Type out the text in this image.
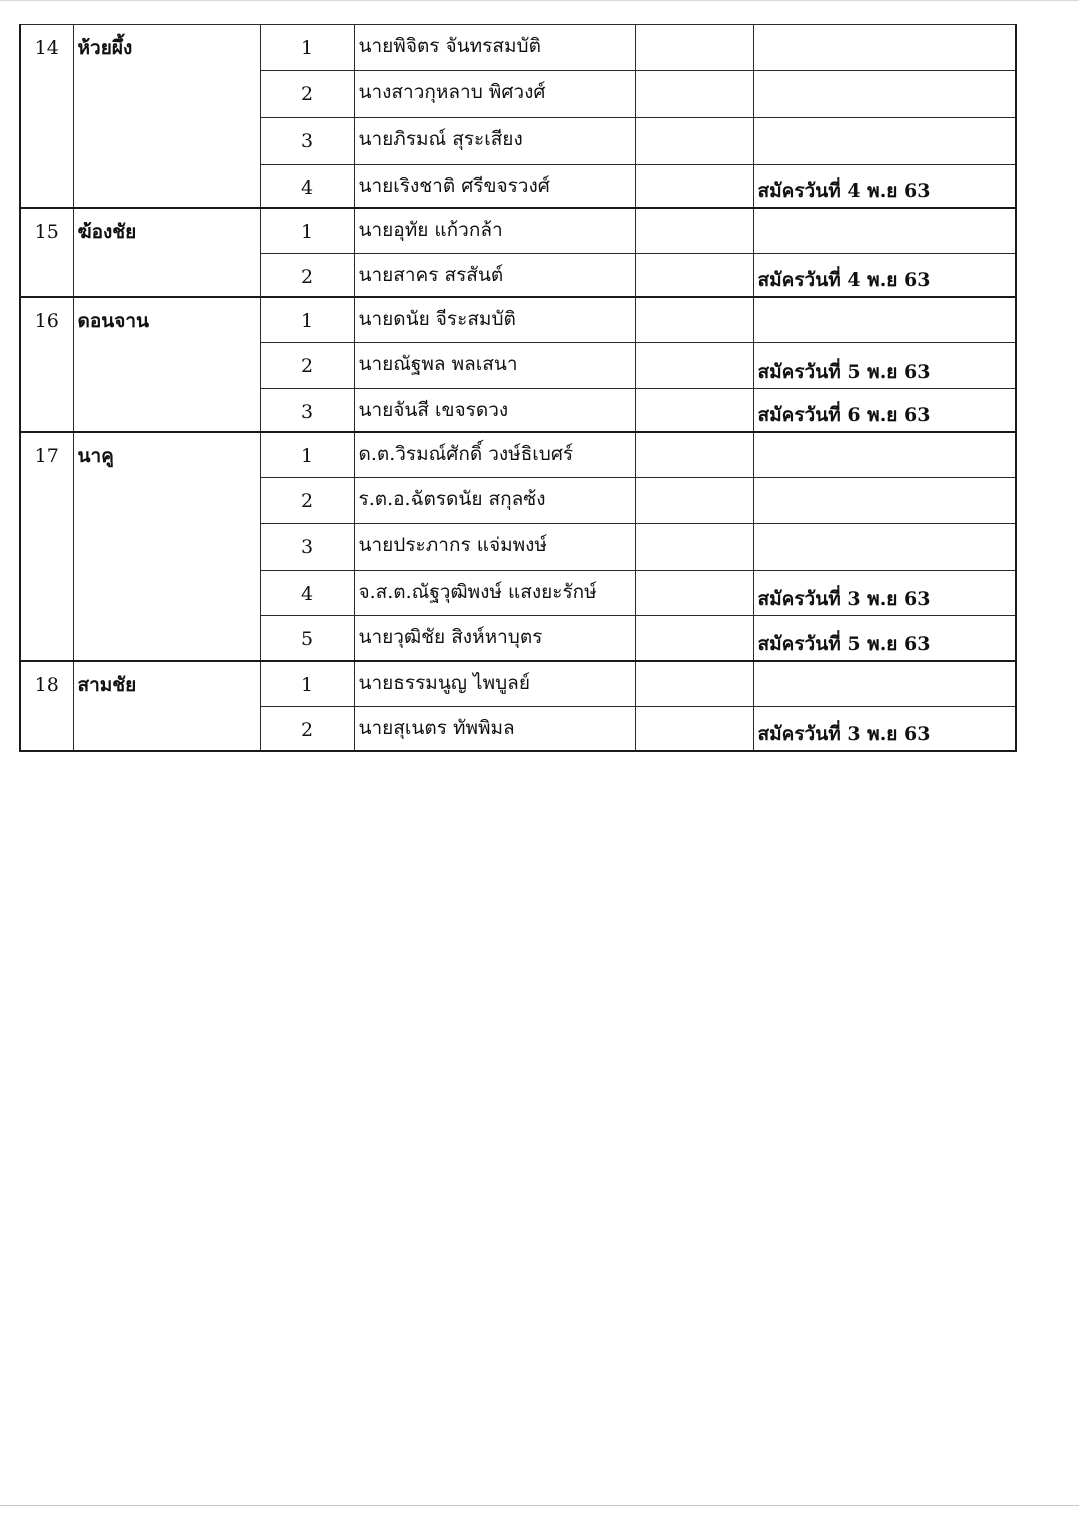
14	ห้วยผึ้ง	1	นายพิจิตร จันทรสมบัติ		
		2	นางสาวกุหลาบ พิศวงศ์		
		3	นายภิรมณ์ สุระเสียง		
		4	นายเริงชาติ ศรีขจรวงศ์		สมัครวันที่ 4 พ.ย 63
15	ฆ้องชัย	1	นายอุทัย แก้วกล้า		
		2	นายสาคร สรสันต์		สมัครวันที่ 4 พ.ย 63
16	ดอนจาน	1	นายดนัย จีระสมบัติ		
		2	นายณัฐพล พลเสนา		สมัครวันที่ 5 พ.ย 63
		3	นายจันสี เขจรดวง		สมัครวันที่ 6 พ.ย 63
17	นาคู	1	ด.ต.วิรมณ์ศักดิ์ วงษ์ธิเบศร์		
		2	ร.ต.อ.ฉัตรดนัย สกุลซ้ง		
		3	นายประภากร แจ่มพงษ์		
		4	จ.ส.ต.ณัฐวุฒิพงษ์ แสงยะรักษ์		สมัครวันที่ 3 พ.ย 63
		5	นายวุฒิชัย สิงห์หาบุตร		สมัครวันที่ 5 พ.ย 63
18	สามชัย	1	นายธรรมนูญ ไพบูลย์		
		2	นายสุเนตร ทัพพิมล		สมัครวันที่ 3 พ.ย 63
